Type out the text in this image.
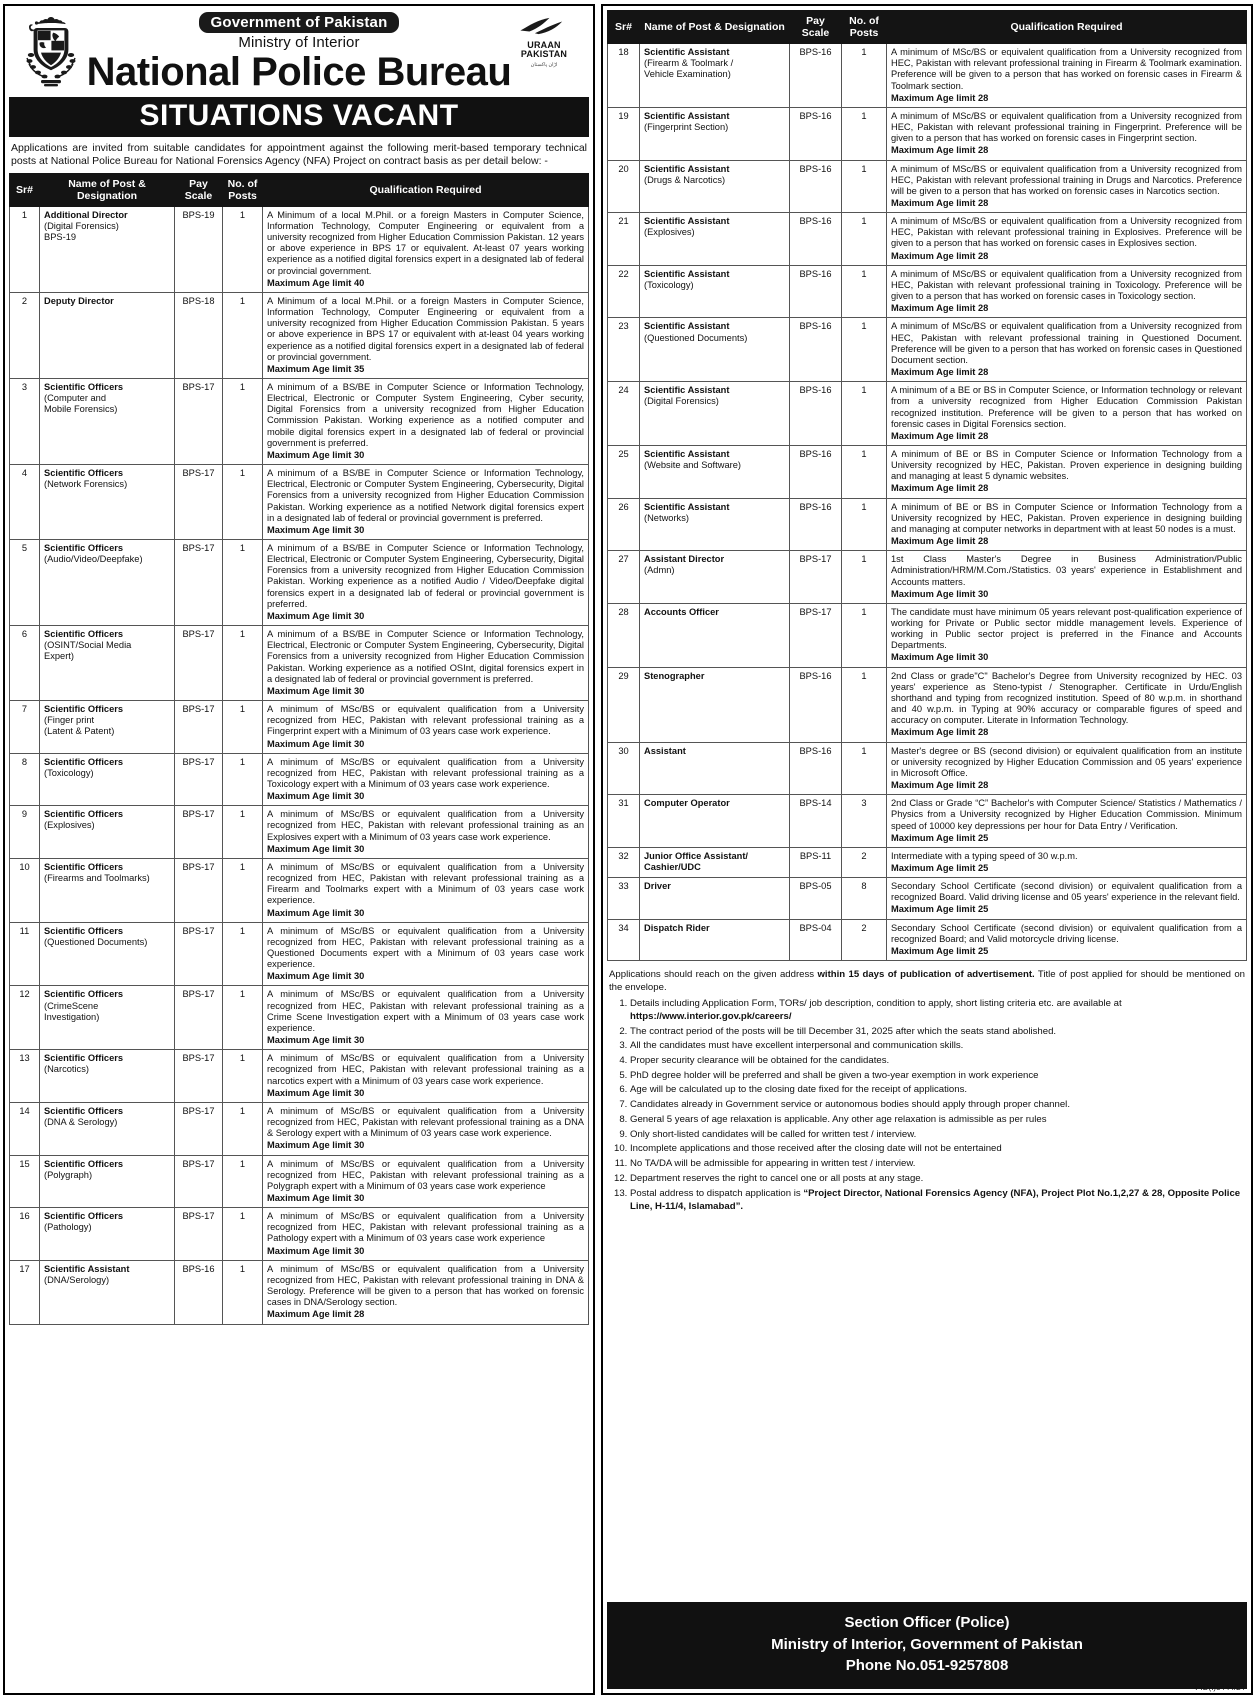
URAAN
PAKISTAN
اڑان پاکستان
Government of Pakistan
Ministry of Interior
National Police Bureau
SITUATIONS VACANT
Applications are invited from suitable candidates for appointment against the following merit-based temporary technical posts at National Police Bureau for National Forensics Agency (NFA) Project on contract basis as per detail below: -
Sr#	Name of Post & Designation	Pay Scale	No. of Posts	Qualification Required
1	Additional Director
(Digital Forensics)
BPS-19
	BPS-19	1	A Minimum of a local M.Phil. or a foreign Masters in Computer Science, Information Technology, Computer Engineering or equivalent from a university recognized from Higher Education Commission Pakistan. 12 years or above experience in BPS 17 or equivalent. At-least 07 years working experience as a notified digital forensics expert in a designated lab of federal or provincial government.
Maximum Age limit 40

2	Deputy Director	BPS-18	1	A Minimum of a local M.Phil. or a foreign Masters in Computer Science, Information Technology, Computer Engineering or equivalent from a university recognized from Higher Education Commission Pakistan. 5 years or above experience in BPS 17 or equivalent with at-least 04 years working experience as a notified digital forensics expert in a designated lab of federal or provincial government.
Maximum Age limit 35

3	Scientific Officers
(Computer and
Mobile Forensics)
	BPS-17	1	A minimum of a BS/BE in Computer Science or Information Technology, Electrical, Electronic or Computer System Engineering, Cyber security, Digital Forensics from a university recognized from Higher Education Commission Pakistan. Working experience as a notified computer and mobile digital forensics expert in a designated lab of federal or provincial government is preferred.
Maximum Age limit 30

4	Scientific Officers
(Network Forensics)	BPS-17	1	A minimum of a BS/BE in Computer Science or Information Technology, Electrical, Electronic or Computer System Engineering, Cybersecurity, Digital Forensics from a university recognized from Higher Education Commission Pakistan. Working experience as a notified Network digital forensics expert in a designated lab of federal or provincial government is preferred.
Maximum Age limit 30

5	Scientific Officers
(Audio/Video/Deepfake)	BPS-17	1	A minimum of a BS/BE in Computer Science or Information Technology, Electrical, Electronic or Computer System Engineering, Cybersecurity, Digital Forensics from a university recognized from Higher Education Commission Pakistan. Working experience as a notified Audio / Video/Deepfake digital forensics expert in a designated lab of federal or provincial government is preferred.
Maximum Age limit 30

6	Scientific Officers
(OSINT/Social Media
Expert)
	BPS-17	1	A minimum of a BS/BE in Computer Science or Information Technology, Electrical, Electronic or Computer System Engineering, Cybersecurity, Digital Forensics from a university recognized from Higher Education Commission Pakistan. Working experience as a notified OSInt, digital forensics expert in a designated lab of federal or provincial government is preferred.
Maximum Age limit 30

7	Scientific Officers
(Finger print
(Latent & Patent)
	BPS-17	1	A minimum of MSc/BS or equivalent qualification from a University recognized from HEC, Pakistan with relevant professional training as a Fingerprint expert with a Minimum of 03 years case work experience.
Maximum Age limit 30

8	Scientific Officers
(Toxicology)	BPS-17	1	A minimum of MSc/BS or equivalent qualification from a University recognized from HEC, Pakistan with relevant professional training as a Toxicology expert with a Minimum of 03 years case work experience.
Maximum Age limit 30

9	Scientific Officers
(Explosives)	BPS-17	1	A minimum of MSc/BS or equivalent qualification from a University recognized from HEC, Pakistan with relevant professional training as an Explosives expert with a Minimum of 03 years case work experience.
Maximum Age limit 30

10	Scientific Officers
(Firearms and Toolmarks)	BPS-17	1	A minimum of MSc/BS or equivalent qualification from a University recognized from HEC, Pakistan with relevant professional training as a Firearm and Toolmarks expert with a Minimum of 03 years case work experience.
Maximum Age limit 30

11	Scientific Officers
(Questioned Documents)	BPS-17	1	A minimum of MSc/BS or equivalent qualification from a University recognized from HEC, Pakistan with relevant professional training as a Questioned Documents expert with a Minimum of 03 years case work experience.
Maximum Age limit 30

12	Scientific Officers
(CrimeScene
Investigation)
	BPS-17	1	A minimum of MSc/BS or equivalent qualification from a University recognized from HEC, Pakistan with relevant professional training as a Crime Scene Investigation expert with a Minimum of 03 years case work experience.
Maximum Age limit 30

13	Scientific Officers
(Narcotics)	BPS-17	1	A minimum of MSc/BS or equivalent qualification from a University recognized from HEC, Pakistan with relevant professional training as a narcotics expert with a Minimum of 03 years case work experience.
Maximum Age limit 30

14	Scientific Officers
(DNA & Serology)	BPS-17	1	A minimum of MSc/BS or equivalent qualification from a University recognized from HEC, Pakistan with relevant professional training as a DNA & Serology expert with a Minimum of 03 years case work experience.
Maximum Age limit 30

15	Scientific Officers
(Polygraph)	BPS-17	1	A minimum of MSc/BS or equivalent qualification from a University recognized from HEC, Pakistan with relevant professional training as a Polygraph expert with a Minimum of 03 years case work experience
Maximum Age limit 30

16	Scientific Officers
(Pathology)	BPS-17	1	A minimum of MSc/BS or equivalent qualification from a University recognized from HEC, Pakistan with relevant professional training as a Pathology expert with a Minimum of 03 years case work experience
Maximum Age limit 30

17	Scientific Assistant
(DNA/Serology)	BPS-16	1	A minimum of MSc/BS or equivalent qualification from a University recognized from HEC, Pakistan with relevant professional training in DNA & Serology. Preference will be given to a person that has worked on forensic cases in DNA/Serology section.
Maximum Age limit 28
Sr#	Name of Post & Designation	Pay Scale	No. of Posts	Qualification Required
18	Scientific Assistant
(Firearm & Toolmark /
Vehicle Examination)
	BPS-16	1	A minimum of MSc/BS or equivalent qualification from a University recognized from HEC, Pakistan with relevant professional training in Firearm & Toolmark examination. Preference will be given to a person that has worked on forensic cases in Firearm & Toolmark section.
Maximum Age limit 28

19	Scientific Assistant
(Fingerprint Section)	BPS-16	1	A minimum of MSc/BS or equivalent qualification from a University recognized from HEC, Pakistan with relevant professional training in Fingerprint. Preference will be given to a person that has worked on forensic cases in Fingerprint section.
Maximum Age limit 28

20	Scientific Assistant
(Drugs & Narcotics)	BPS-16	1	A minimum of MSc/BS or equivalent qualification from a University recognized from HEC, Pakistan with relevant professional training in Drugs and Narcotics. Preference will be given to a person that has worked on forensic cases in Narcotics section.
Maximum Age limit 28

21	Scientific Assistant
(Explosives)	BPS-16	1	A minimum of MSc/BS or equivalent qualification from a University recognized from HEC, Pakistan with relevant professional training in Explosives. Preference will be given to a person that has worked on forensic cases in Explosives section.
Maximum Age limit 28

22	Scientific Assistant
(Toxicology)	BPS-16	1	A minimum of MSc/BS or equivalent qualification from a University recognized from HEC, Pakistan with relevant professional training in Toxicology. Preference will be given to a person that has worked on forensic cases in Toxicology section.
Maximum Age limit 28

23	Scientific Assistant
(Questioned Documents)	BPS-16	1	A minimum of MSc/BS or equivalent qualification from a University recognized from HEC, Pakistan with relevant professional training in Questioned Document. Preference will be given to a person that has worked on forensic cases in Questioned Document section.
Maximum Age limit 28

24	Scientific Assistant
(Digital Forensics)	BPS-16	1	A minimum of a BE or BS in Computer Science, or Information technology or relevant from a university recognized from Higher Education Commission Pakistan recognized institution. Preference will be given to a person that has worked on forensic cases in Digital Forensics section.
Maximum Age limit 28

25	Scientific Assistant
(Website and Software)	BPS-16	1	A minimum of BE or BS in Computer Science or Information Technology from a University recognized by HEC, Pakistan. Proven experience in designing building and managing at least 5 dynamic websites.
Maximum Age limit 28

26	Scientific Assistant
(Networks)	BPS-16	1	A minimum of BE or BS in Computer Science or Information Technology from a University recognized by HEC, Pakistan. Proven experience in designing building and managing at computer networks in department with at least 50 nodes is a must.
Maximum Age limit 28

27	Assistant Director
(Admn)	BPS-17	1	1st Class Master's Degree in Business Administration/Public Administration/HRM/M.Com./Statistics. 03 years' experience in Establishment and Accounts matters.
Maximum Age limit 30

28	Accounts Officer	BPS-17	1	The candidate must have minimum 05 years relevant post-qualification experience of working for Private or Public sector middle management levels. Experience of working in Public sector project is preferred in the Finance and Accounts Departments.
Maximum Age limit 30

29	Stenographer	BPS-16	1	2nd Class or grade"C" Bachelor's Degree from University recognized by HEC. 03 years' experience as Steno-typist / Stenographer. Certificate in Urdu/English shorthand and typing from recognized institution. Speed of 80 w.p.m. in shorthand and 40 w.p.m. in Typing at 90% accuracy or comparable figures of speed and accuracy on computer. Literate in Information Technology.
Maximum Age limit 28

30	Assistant	BPS-16	1	Master's degree or BS (second division) or equivalent qualification from an institute or university recognized by Higher Education Commission and 05 years' experience in Microsoft Office.
Maximum Age limit 28

31	Computer Operator	BPS-14	3	2nd Class or Grade “C” Bachelor's with Computer Science/ Statistics / Mathematics / Physics from a University recognized by Higher Education Commission. Minimum speed of 10000 key depressions per hour for Data Entry / Verification.
Maximum Age limit 25

32	Junior Office Assistant/
Cashier/UDC	BPS-11	2	Intermediate with a typing speed of 30 w.p.m.
Maximum Age limit 25

33	Driver	BPS-05	8	Secondary School Certificate (second division) or equivalent qualification from a recognized Board. Valid driving license and 05 years' experience in the relevant field.
Maximum Age limit 25

34	Dispatch Rider	BPS-04	2	Secondary School Certificate (second division) or equivalent qualification from a recognized Board; and Valid motorcycle driving license.
Maximum Age limit 25
Applications should reach on the given address within 15 days of publication of advertisement. Title of post applied for should be mentioned on the envelope.
1. Details including Application Form, TORs/ job description, condition to apply, short listing criteria etc. are available at https://www.interior.gov.pk/careers/
2. The contract period of the posts will be till December 31, 2025 after which the seats stand abolished.
3. All the candidates must have excellent interpersonal and communication skills.
4. Proper security clearance will be obtained for the candidates.
5. PhD degree holder will be preferred and shall be given a two-year exemption in work experience
6. Age will be calculated up to the closing date fixed for the receipt of applications.
7. Candidates already in Government service or autonomous bodies should apply through proper channel.
8. General 5 years of age relaxation is applicable. Any other age relaxation is admissible as per rules
9. Only short-listed candidates will be called for written test / interview.
10. Incomplete applications and those received after the closing date will not be entertained
11. No TA/DA will be admissible for appearing in written test / interview.
12. Department reserves the right to cancel one or all posts at any stage.
13. Postal address to dispatch application is “Project Director, National Forensics Agency (NFA), Project Plot No.1,2,27 & 28, Opposite Police Line, H-11/4, Islamabad”.
Section Officer (Police)
Ministry of Interior, Government of Pakistan
Phone No.051-9257808
PID(I)5444/24
